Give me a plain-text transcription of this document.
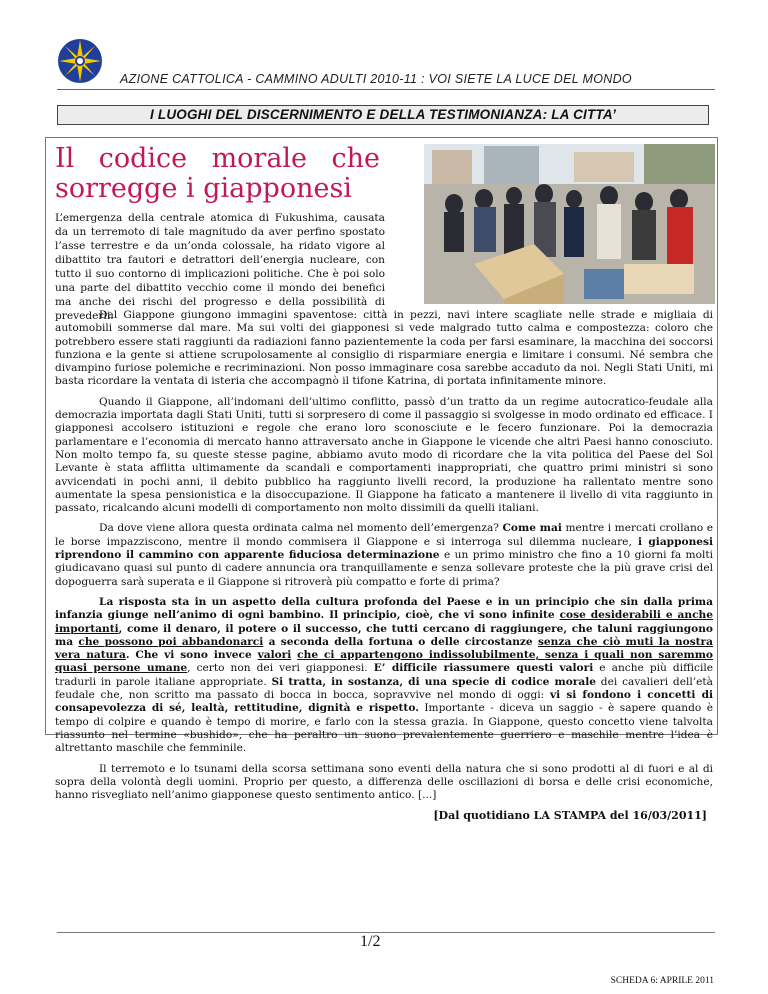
AZIONE CATTOLICA - CAMMINO ADULTI 2010-11 : VOI SIETE LA LUCE DEL MONDO
I LUOGHI DEL DISCERNIMENTO E DELLA TESTIMONIANZA: LA CITTA’
Il codice morale che
sorregge i giapponesi

L’emergenza della centrale atomica di Fukushima, causata da un terremoto di tale magnitudo da aver perfino spostato l’asse terrestre e da un’onda colossale, ha ridato vigore al dibattito tra fautori e detrattori dell’energia nucleare, con tutto il suo contorno di implicazioni politiche. Che è poi solo una parte del dibattito vecchio come il mondo dei benefici ma anche dei rischi del progresso e della possibilità di prevederli.

Dal Giappone giungono immagini spaventose: città in pezzi, navi intere scagliate nelle strade e migliaia di automobili sommerse dal mare. Ma sui volti dei giapponesi si vede malgrado tutto calma e compostezza: coloro che potrebbero essere stati raggiunti da radiazioni fanno pazientemente la coda per farsi esaminare, la macchina dei soccorsi funziona e la gente si attiene scrupolosamente al consiglio di risparmiare energia e limitare i consumi. Né sembra che divampino furiose polemiche e recriminazioni. Non posso immaginare cosa sarebbe accaduto da noi. Negli Stati Uniti, mi basta ricordare la ventata di isteria che accompagnò il tifone Katrina, di portata infinitamente minore.

Quando il Giappone, all’indomani dell’ultimo conflitto, passò d’un tratto da un regime autocratico-feudale alla democrazia importata dagli Stati Uniti, tutti si sorpresero di come il passaggio si svolgesse in modo ordinato ed efficace. I giapponesi accolsero istituzioni e regole che erano loro sconosciute e le fecero funzionare. Poi la democrazia parlamentare e l’economia di mercato hanno attraversato anche in Giappone le vicende che altri Paesi hanno conosciuto. Non molto tempo fa, su queste stesse pagine, abbiamo avuto modo di ricordare che la vita politica del Paese del Sol Levante è stata afflitta ultimamente da scandali e comportamenti inappropriati, che quattro primi ministri si sono avvicendati in pochi anni, il debito pubblico ha raggiunto livelli record, la produzione ha rallentato mentre sono aumentate la spesa pensionistica e la disoccupazione. Il Giappone ha faticato a mantenere il livello di vita raggiunto in passato, ricalcando alcuni modelli di comportamento non molto dissimili da quelli italiani.

Da dove viene allora questa ordinata calma nel momento dell’emergenza? Come mai mentre i mercati crollano e le borse impazziscono, mentre il mondo commisera il Giappone e si interroga sul dilemma nucleare, i giapponesi riprendono il cammino con apparente fiduciosa determinazione e un primo ministro che fino a 10 giorni fa molti giudicavano quasi sul punto di cadere annuncia ora tranquillamente e senza sollevare proteste che la più grave crisi del dopoguerra sarà superata e il Giappone si ritroverà più compatto e forte di prima?

La risposta sta in un aspetto della cultura profonda del Paese e in un principio che sin dalla prima infanzia giunge nell’animo di ogni bambino. Il principio, cioè, che vi sono infinite cose desiderabili e anche importanti, come il denaro, il potere o il successo, che tutti cercano di raggiungere, che taluni raggiungono ma che possono poi abbandonarci a seconda della fortuna o delle circostanze senza che ciò muti la nostra vera natura. Che vi sono invece valori che ci appartengono indissolubilmente, senza i quali non saremmo quasi persone umane, certo non dei veri giapponesi. E’ difficile riassumere questi valori e anche più difficile tradurli in parole italiane appropriate. Si tratta, in sostanza, di una specie di codice morale dei cavalieri dell’età feudale che, non scritto ma passato di bocca in bocca, sopravvive nel mondo di oggi: vi si fondono i concetti di consapevolezza di sé, lealtà, rettitudine, dignità e rispetto. Importante - diceva un saggio - è sapere quando è tempo di colpire e quando è tempo di morire, e farlo con la stessa grazia. In Giappone, questo concetto viene talvolta riassunto nel termine «bushido», che ha peraltro un suono prevalentemente guerriero e maschile mentre l’idea è altrettanto maschile che femminile.

Il terremoto e lo tsunami della scorsa settimana sono eventi della natura che si sono prodotti al di fuori e al di sopra della volontà degli uomini. Proprio per questo, a differenza delle oscillazioni di borsa e delle crisi economiche, hanno risvegliato nell’animo giapponese questo sentimento antico. [...]

[Dal quotidiano LA STAMPA del 16/03/2011]
1/2
SCHEDA 6: APRILE 2011
